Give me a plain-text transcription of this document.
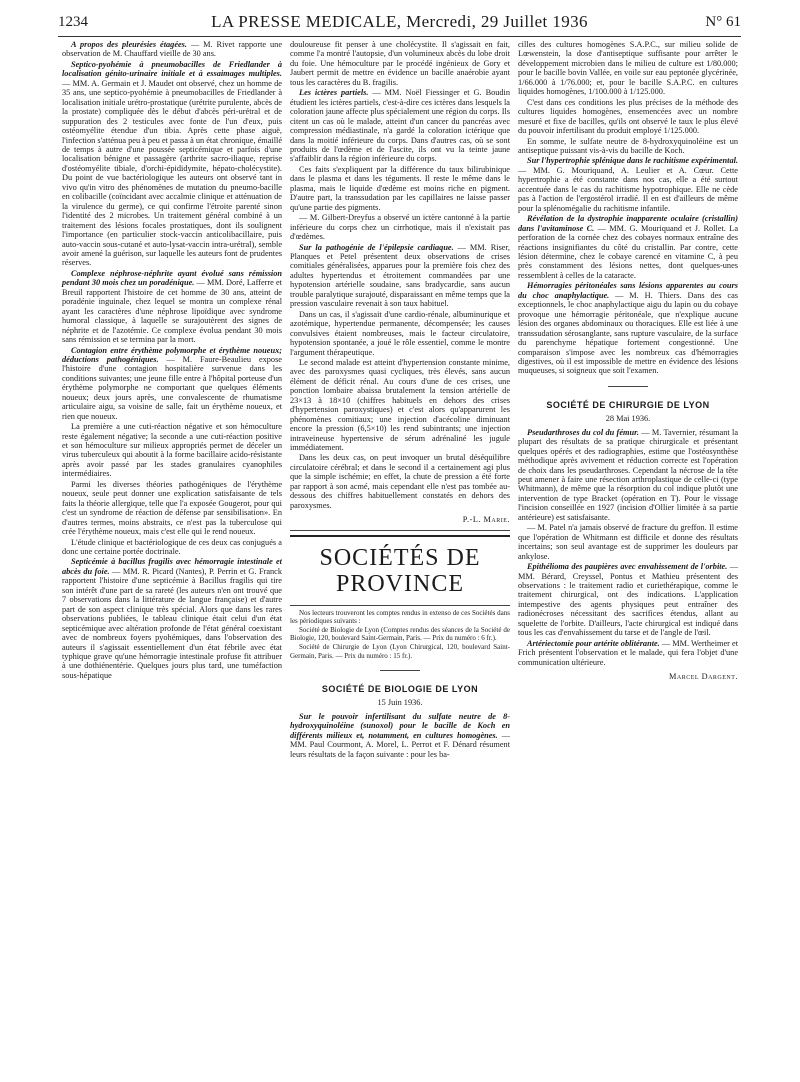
1234	LA PRESSE MEDICALE, Mercredi, 29 Juillet 1936	N° 61

A propos des pleurésies étagées. — M. Rivet rapporte une observation de M. Chauffard vieille de 30 ans.

Septico-pyohémie à pneumobacilles de Friedlander à localisation génito-urinaire initiale et à essaimages multiples. — MM. A. Germain et J. Maudet ont observé, chez un homme de 35 ans, une septico-pyohémie à pneumobacilles de Friedlander à localisation initiale urétro-prostatique (urétrite purulente, abcès de la prostate) compliquée dès le début d'abcès péri-urétral et de suppuration des 2 testicules avec fonte de l'un d'eux, puis ostéomyélite étendue d'un tibia. Après cette phase aiguë, l'infection s'atténua peu à peu et passa à un état chronique, émaillé de temps à autre d'une poussée septicémique et parfois d'une localisation bénigne et passagère (arthrite sacro-iliaque, reprise d'ostéomyélite tibiale, d'orchi-épididymite, hépato-cholécystite). Du point de vue bactériologique les auteurs ont observé tant in vivo qu'in vitro des phénomènes de mutation du pneumo-bacille en colibacille (coïncidant avec accalmie clinique et atténuation de la virulence du germe), ce qui confirme l'étroite parenté sinon l'identité des 2 microbes. Un traitement général combiné à un traitement des lésions focales prostatiques, dont ils soulignent l'importance (en particulier stock-vaccin anticolibacillaire, puis auto-vaccin sous-cutané et auto-lysat-vaccin intra-urétral), semble avoir amené la guérison, sur laquelle les auteurs font de prudentes réserves.

Complexe néphrose-néphrite ayant évolué sans rémission pendant 30 mois chez un poradénique. — MM. Doré, Lafferre et Breuil rapportent l'histoire de cet homme de 30 ans, atteint de poradénie inguinale, chez lequel se montra un complexe rénal ayant les caractères d'une néphrose lipoïdique avec syndrome humoral classique, à laquelle se surajoutèrent des signes de néphrite et de l'azotémie. Ce complexe évolua pendant 30 mois sans rémission et se termina par la mort.

Contagion entre érythème polymorphe et érythème noueux; déductions pathogéniques. — M. Faure-Beaulieu expose l'histoire d'une contagion hospitalière survenue dans les conditions suivantes; une jeune fille entre à l'hôpital porteuse d'un érythème polymorphe ne comportant que quelques éléments noueux; deux jours après, une convalescente de rhumatisme articulaire aigu, sa voisine de salle, fait un érythème noueux, et rien que noueux.

La première a une cuti-réaction négative et son hémoculture reste également négative; la seconde a une cuti-réaction positive et son hémoculture sur milieux appropriés permet de déceler un virus tuberculeux qui aboutit à la forme bacillaire acido-résistante après avoir passé par les stades granulaires cyanophiles intermédiaires.

Parmi les diverses théories pathogéniques de l'érythème noueux, seule peut donner une explication satisfaisante de tels faits la théorie allergique, telle que l'a exposée Gougerot, pour qui c'est un syndrome de réaction de défense par sensibilisation». En d'autres termes, moins abstraits, ce n'est pas la tuberculose qui crée l'érythème noueux, mais c'est elle qui le rend noueux.

L'étude clinique et bactériologique de ces deux cas conjugués a donc une certaine portée doctrinale.

Septicémie à bacillus fragilis avec hémorragie intestinale et abcès du foie. — MM. R. Picard (Nantes), P. Perrin et G. Franck rapportent l'histoire d'une septicémie à Bacillus fragilis qui tire son intérêt d'une part de sa rareté (les auteurs n'en ont trouvé que 7 observations dans la littérature de langue française) et d'autre part de son aspect clinique très spécial. Alors que dans les rares observations publiées, le tableau clinique était celui d'un état septicémique avec altération profonde de l'état général coexistant avec de nombreux foyers pyohémiques, dans l'observation des auteurs il s'agissait essentiellement d'un état fébrile avec état typhique grave qu'une hémorragie intestinale profuse fit attribuer à une dothiénentérie. Quelques jours plus tard, une tuméfaction sous-hépatique

douloureuse fit penser à une cholécystite. Il s'agissait en fait, comme l'a montré l'autopsie, d'un volumineux abcès du lobe droit du foie. Une hémoculture par le procédé ingénieux de Gory et Jaubert permit de mettre en évidence un bacille anaérobie ayant tous les caractères du B. fragilis.

Les ictères partiels. — MM. Noël Fiessinger et G. Boudin étudient les ictères partiels, c'est-à-dire ces ictères dans lesquels la coloration jaune affecte plus spécialement une région du corps. Ils citent un cas où le malade, atteint d'un cancer du pancréas avec compression médiastinale, n'a gardé la coloration ictérique que dans la moitié inférieure du corps. Dans d'autres cas, où se sont produits de l'œdème et de l'ascite, ils ont vu la teinte jaune s'affaiblir dans la région inférieure du corps.

Ces faits s'expliquent par la différence du taux bilirubinique dans le plasma et dans les téguments. Il reste le même dans le plasma, mais le liquide d'œdème est moins riche en pigment. D'autre part, la transsudation par les capillaires ne laisse passer qu'une partie des pigments.

— M. Gilbert-Dreyfus a observé un ictère cantonné à la partie inférieure du corps chez un cirrhotique, mais il n'existait pas d'œdèmes.

Sur la pathogénie de l'épilepsie cardiaque. — MM. Riser, Planques et Petel présentent deux observations de crises comitiales généralisées, apparues pour la première fois chez des adultes hypertendus et étroitement commandées par une hypotension artérielle soudaine, sans bradycardie, sans aucun trouble paralytique surajouté, disparaissant en même temps que la pression vasculaire revenait à son taux habituel.

Dans un cas, il s'agissait d'une cardio-rénale, albuminurique et azotémique, hypertendue permanente, décompensée; les causes convulsives étaient nombreuses, mais le facteur circulatoire, hypotension spontanée, a joué le rôle essentiel, comme le montre l'argument thérapeutique.

Le second malade est atteint d'hypertension constante minime, avec des paroxysmes quasi cycliques, très élevés, sans aucun élément de déficit rénal. Au cours d'une de ces crises, une ponction lombaire abaissa brutalement la tension artérielle de 23×13 à 18×10 (chiffres habituels en dehors des crises d'hypertension paroxystiques) et c'est alors qu'apparurent les phénomènes comitiaux; une injection d'acécoline diminuant encore la pression (6,5×10) les rend subintrants; une injection intraveineuse hypertensive de sérum adrénaliné les jugule immédiatement.

Dans les deux cas, on peut invoquer un brutal déséquilibre circulatoire cérébral; et dans le second il a certainement agi plus que la simple ischémie; en effet, la chute de pression a été forte par rapport à son acmé, mais cependant elle n'est pas tombée au-dessous des chiffres habituellement constatés en dehors des paroxysmes.

P.-L. Marie.

SOCIÉTÉS DE PROVINCE

Nos lecteurs trouveront les comptes rendus in extenso de ces Sociétés dans les périodiques suivants :

Société de Biologie de Lyon (Comptes rendus des séances de la Société de Biologie, 120, boulevard Saint-Germain, Paris. — Prix du numéro : 6 fr.).

Société de Chirurgie de Lyon (Lyon Chirurgical, 120, boulevard Saint-Germain, Paris. — Prix du numéro : 15 fr.).

SOCIÉTÉ DE BIOLOGIE DE LYON
15 Juin 1936.

Sur le pouvoir infertilisant du sulfate neutre de 8-hydroxyquinoléine (sunoxol) pour le bacille de Koch en différents milieux et, notamment, en cultures homogènes. — MM. Paul Courmont, A. Morel, L. Perrot et F. Dénard résument leurs résultats de la façon suivante : pour les ba-

cilles des cultures homogènes S.A.P.C., sur milieu solide de Lœwenstein, la dose d'antiseptique suffisante pour arrêter le développement microbien dans le milieu de culture est 1/80.000; pour le bacille bovin Vallée, en voile sur eau peptonée glycérinée, 1/66.000 à 1/76.000; et, pour le bacille S.A.P.C. en cultures liquides homogènes, 1/100.000 à 1/125.000.

C'est dans ces conditions les plus précises de la méthode des cultures liquides homogènes, ensemencées avec un nombre mesuré et fixe de bacilles, qu'ils ont observé le taux le plus élevé du pouvoir infertilisant du produit employé 1/125.000.

En somme, le sulfate neutre de 8-hydroxyquinoléine est un antiseptique puissant vis-à-vis du bacille de Koch.

Sur l'hypertrophie splénique dans le rachitisme expérimental. — MM. G. Mouriquand, A. Leulier et A. Cœur. Cette hypertrophie a été constante dans nos cas, elle a été surtout accentuée dans le cas du rachitisme hypotrophique. Elle ne cède pas à l'action de l'ergostérol irradié. Il en est d'ailleurs de même pour la splénomégalie du rachitisme infantile.

Révélation de la dystrophie inapparente oculaire (cristallin) dans l'avitaminose C. — MM. G. Mouriquand et J. Rollet. La perforation de la cornée chez des cobayes normaux entraîne des réactions insignifiantes du côté du cristallin. Par contre, cette lésion détermine, chez le cobaye carencé en vitamine C, à peu près constamment des lésions nettes, dont quelques-unes ressemblent à celles de la cataracte.

Hémorragies péritonéales sans lésions apparentes au cours du choc anaphylactique. — M. H. Thiers. Dans des cas exceptionnels, le choc anaphylactique aigu du lapin ou du cobaye provoque une hémorragie péritonéale, que n'explique aucune lésion des organes abdominaux ou thoraciques. Elle est liée à une transsudation sérosanglante, sans rupture vasculaire, de la surface du parenchyme hépatique fortement congestionné. Une comparaison s'impose avec les nombreux cas d'hémorragies digestives, où il est impossible de mettre en évidence des lésions muqueuses, si soigneux que soit l'examen.

SOCIÉTÉ DE CHIRURGIE DE LYON
28 Mai 1936.

Pseudarthroses du col du fémur. — M. Tavernier, résumant la plupart des résultats de sa pratique chirurgicale et présentant quelques opérés et des radiographies, estime que l'ostéosynthèse méthodique après avivement et réduction correcte est l'opération de choix dans les pseudarthroses. Cependant la nécrose de la tête peut amener à faire une résection arthroplastique de celle-ci (type Whitmann), de même que la résorption du col indique plutôt une intervention de type Bracket (opération en T). Pour le vissage l'incision conseillée en 1927 (incision d'Ollier limitée à sa partie antérieure) est satisfaisante.

— M. Patel n'a jamais observé de fracture du greffon. Il estime que l'opération de Whitmann est difficile et donne des résultats incertains; son seul avantage est de supprimer les douleurs par ankylose.

Epithélioma des paupières avec envahissement de l'orbite. — MM. Bérard, Creyssel, Pontus et Mathieu présentent des observations : le traitement radio et curiethérapique, comme le traitement chirurgical, ont des indications. L'application intempestive des agents physiques peut entraîner des radionécroses nécessitant des sacrifices étendus, allant au squelette de l'orbite. D'ailleurs, l'acte chirurgical est indiqué dans tous les cas d'envahissement du tarse et de l'angle de l'œil.

Artériectomie pour artérite oblitérante. — MM. Wertheimer et Frich présentent l'observation et le malade, qui fera l'objet d'une communication ultérieure.

Marcel Dargent.
